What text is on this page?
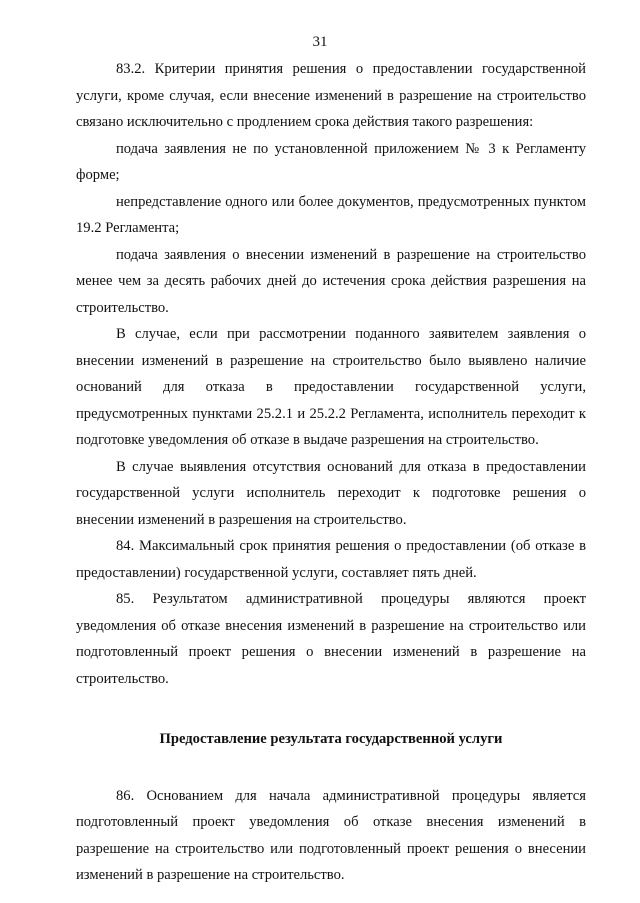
31

83.2. Критерии принятия решения о предоставлении государственной услуги, кроме случая, если внесение изменений в разрешение на строительство связано исключительно с продлением срока действия такого разрешения:

подача заявления не по установленной приложением № 3 к Регламенту форме;

непредставление одного или более документов, предусмотренных пунктом 19.2 Регламента;

подача заявления о внесении изменений в разрешение на строительство менее чем за десять рабочих дней до истечения срока действия разрешения на строительство.

В случае, если при рассмотрении поданного заявителем заявления о внесении изменений в разрешение на строительство было выявлено наличие оснований для отказа в предоставлении государственной услуги, предусмотренных пунктами 25.2.1 и 25.2.2 Регламента, исполнитель переходит к подготовке уведомления об отказе в выдаче разрешения на строительство.

В случае выявления отсутствия оснований для отказа в предоставлении государственной услуги исполнитель переходит к подготовке решения о внесении изменений в разрешения на строительство.

84. Максимальный срок принятия решения о предоставлении (об отказе в предоставлении) государственной услуги, составляет пять дней.

85. Результатом административной процедуры являются проект уведомления об отказе внесения изменений в разрешение на строительство или подготовленный проект решения о внесении изменений в разрешение на строительство.

Предоставление результата государственной услуги

86. Основанием для начала административной процедуры является подготовленный проект уведомления об отказе внесения изменений в разрешение на строительство или подготовленный проект решения о внесении изменений в разрешение на строительство.
